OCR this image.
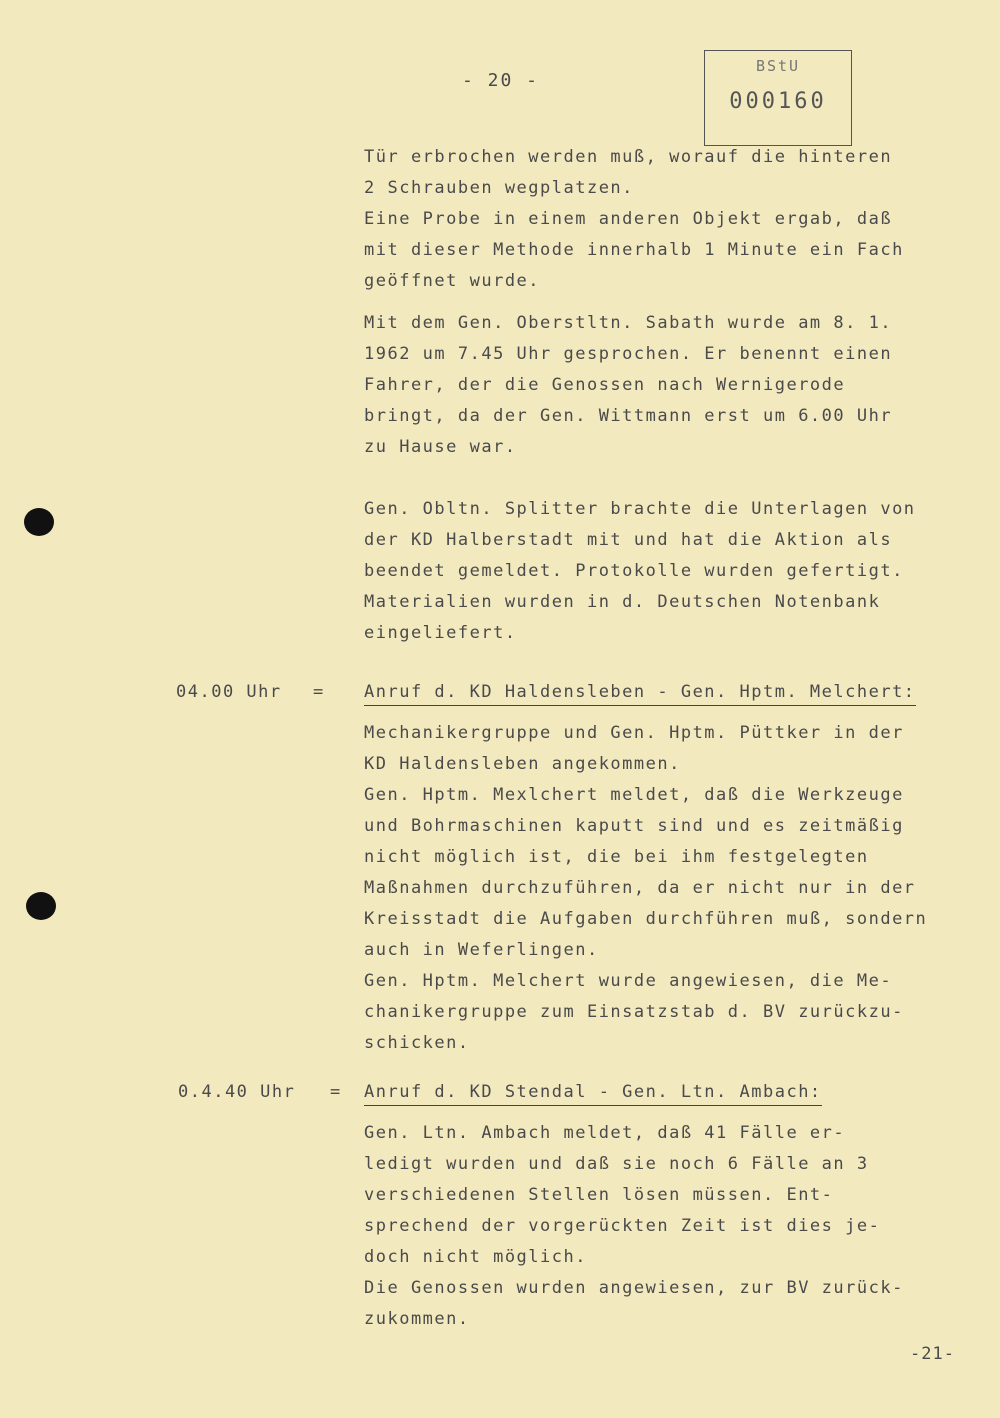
- 20 -
BStU
000160
Tür erbrochen werden muß, worauf die hinteren
2 Schrauben wegplatzen.
Eine Probe in einem anderen Objekt ergab, daß
mit dieser Methode innerhalb 1 Minute ein Fach
geöffnet wurde.
Mit dem Gen. Oberstltn. Sabath wurde am 8. 1.
1962 um 7.45 Uhr gesprochen. Er benennt einen
Fahrer, der die Genossen nach Wernigerode
bringt, da der Gen. Wittmann erst um 6.00 Uhr
zu Hause war.
Gen. Obltn. Splitter brachte die Unterlagen von
der KD Halberstadt mit und hat die Aktion als
beendet gemeldet. Protokolle wurden gefertigt.
Materialien wurden in d. Deutschen Notenbank
eingeliefert.
04.00 Uhr = Anruf d. KD Haldensleben - Gen. Hptm. Melchert:
Mechanikergruppe und Gen. Hptm. Püttker in der
KD Haldensleben angekommen.
Gen. Hptm. Mexlchert meldet, daß die Werkzeuge
und Bohrmaschinen kaputt sind und es zeitmäßig
nicht möglich ist, die bei ihm festgelegten
Maßnahmen durchzuführen, da er nicht nur in der
Kreisstadt die Aufgaben durchführen muß, sondern
auch in Weferlingen.
Gen. Hptm. Melchert wurde angewiesen, die Me-
chanikergruppe zum Einsatzstab d. BV zurückzu-
schicken.
0.4.40 Uhr = Anruf d. KD Stendal - Gen. Ltn. Ambach:
Gen. Ltn. Ambach meldet, daß 41 Fälle er-
ledigt wurden und daß sie noch 6 Fälle an 3
verschiedenen Stellen lösen müssen. Ent-
sprechend der vorgerückten Zeit ist dies je-
doch nicht möglich.
Die Genossen wurden angewiesen, zur BV zurück-
zukommen.
-21-
